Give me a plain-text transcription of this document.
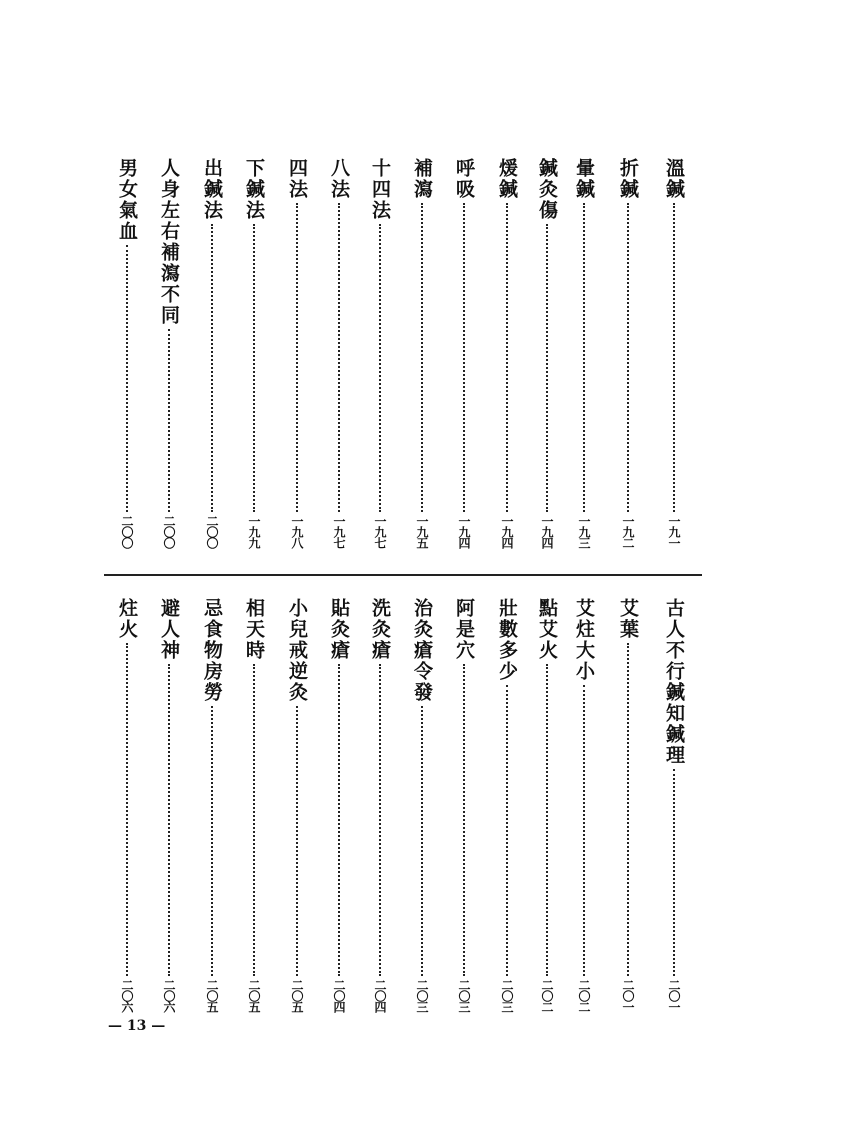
溫鍼
一九一
折鍼
一九二
暈鍼
一九三
鍼灸傷
一九四
煖鍼
一九四
呼吸
一九四
補瀉
一九五
十四法
一九七
八法
一九七
四法
一九八
下鍼法
一九九
出鍼法
二〇〇
人身左右補瀉不同
二〇〇
男女氣血
二〇〇
古人不行鍼知鍼理
二〇一
艾葉
二〇一
艾炷大小
二〇二
點艾火
二〇二
壯數多少
二〇三
阿是穴
二〇三
治灸瘡令發
二〇三
洗灸瘡
二〇四
貼灸瘡
二〇四
小兒戒逆灸
二〇五
相天時
二〇五
忌食物房勞
二〇五
避人神
二〇六
炷火
二〇六
— 13 —
